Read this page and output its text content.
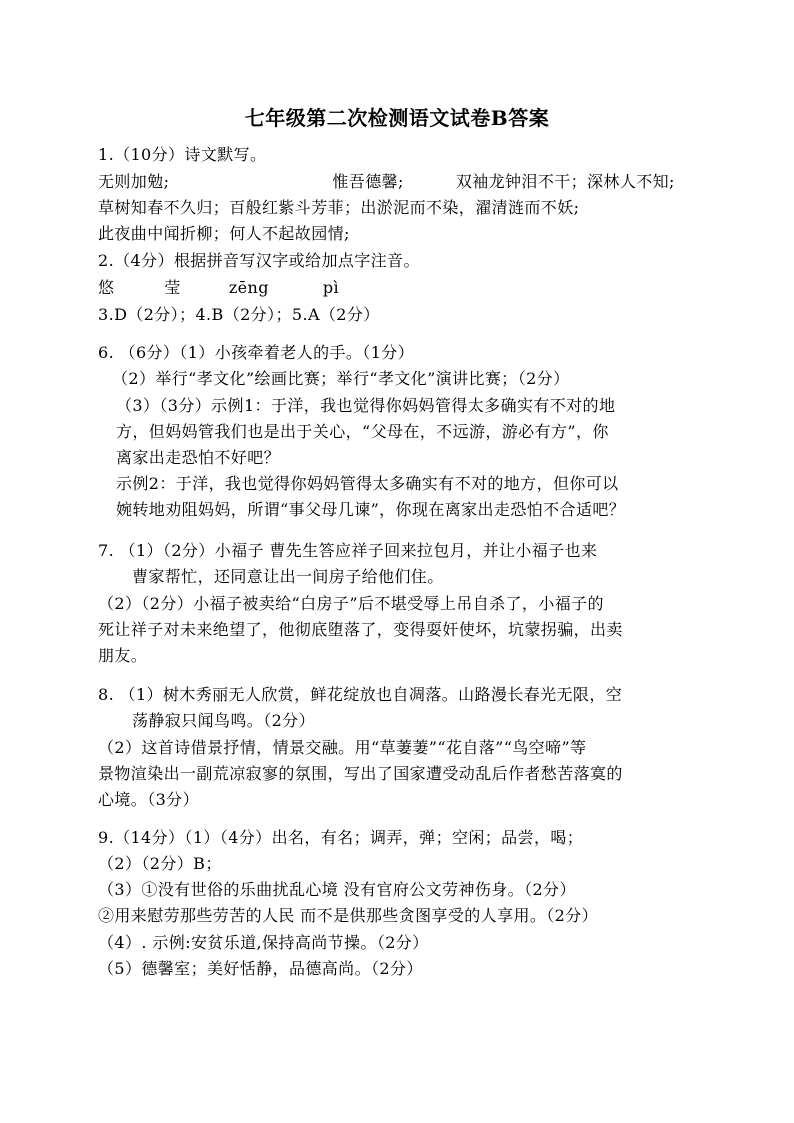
七年级第二次检测语文试卷B答案
1.（10分）诗文默写。
无则加勉;	惟吾德馨;	双袖龙钟泪不干；深林人不知;
草树知春不久归；百般红紫斗芳菲；出淤泥而不染，濯清涟而不妖;
此夜曲中闻折柳；何人不起故园情;
2.（4分）根据拼音写汉字或给加点字注音。
悠	莹	zēng	pì
3.D（2分）；4.B（2分）；5.A（2分）
6. （6分）（1）小孩牵着老人的手。（1分）
（2）举行“孝文化”绘画比赛；举行“孝文化”演讲比赛；（2分）
（3）（3分）示例1：于洋，我也觉得你妈妈管得太多确实有不对的地
方，但妈妈管我们也是出于关心，“父母在，不远游，游必有方”，你
离家出走恐怕不好吧？
示例2：于洋，我也觉得你妈妈管得太多确实有不对的地方，但你可以
婉转地劝阻妈妈，所谓“事父母几谏”，你现在离家出走恐怕不合适吧？
7. （1）（2分）小福子 曹先生答应祥子回来拉包月，并让小福子也来
曹家帮忙，还同意让出一间房子给他们住。
（2）（2分）小福子被卖给“白房子”后不堪受辱上吊自杀了，小福子的
死让祥子对未来绝望了，他彻底堕落了，变得耍奸使坏，坑蒙拐骗，出卖
朋友。
8. （1）树木秀丽无人欣赏，鲜花绽放也自凋落。山路漫长春光无限，空
荡静寂只闻鸟鸣。（2分）
（2）这首诗借景抒情，情景交融。用“草萋萋”“花自落”“鸟空啼”等
景物渲染出一副荒凉寂寥的氛围，写出了国家遭受动乱后作者愁苦落寞的
心境。（3分）
9.（14分）（1）（4分）出名，有名；调弄，弹；空闲；品尝，喝；
（2）（2分）B；
（3）①没有世俗的乐曲扰乱心境 没有官府公文劳神伤身。（2分）
②用来慰劳那些劳苦的人民 而不是供那些贪图享受的人享用。（2分）
（4）. 示例:安贫乐道,保持高尚节操。（2分）
（5）德馨室；美好恬静，品德高尚。（2分）
